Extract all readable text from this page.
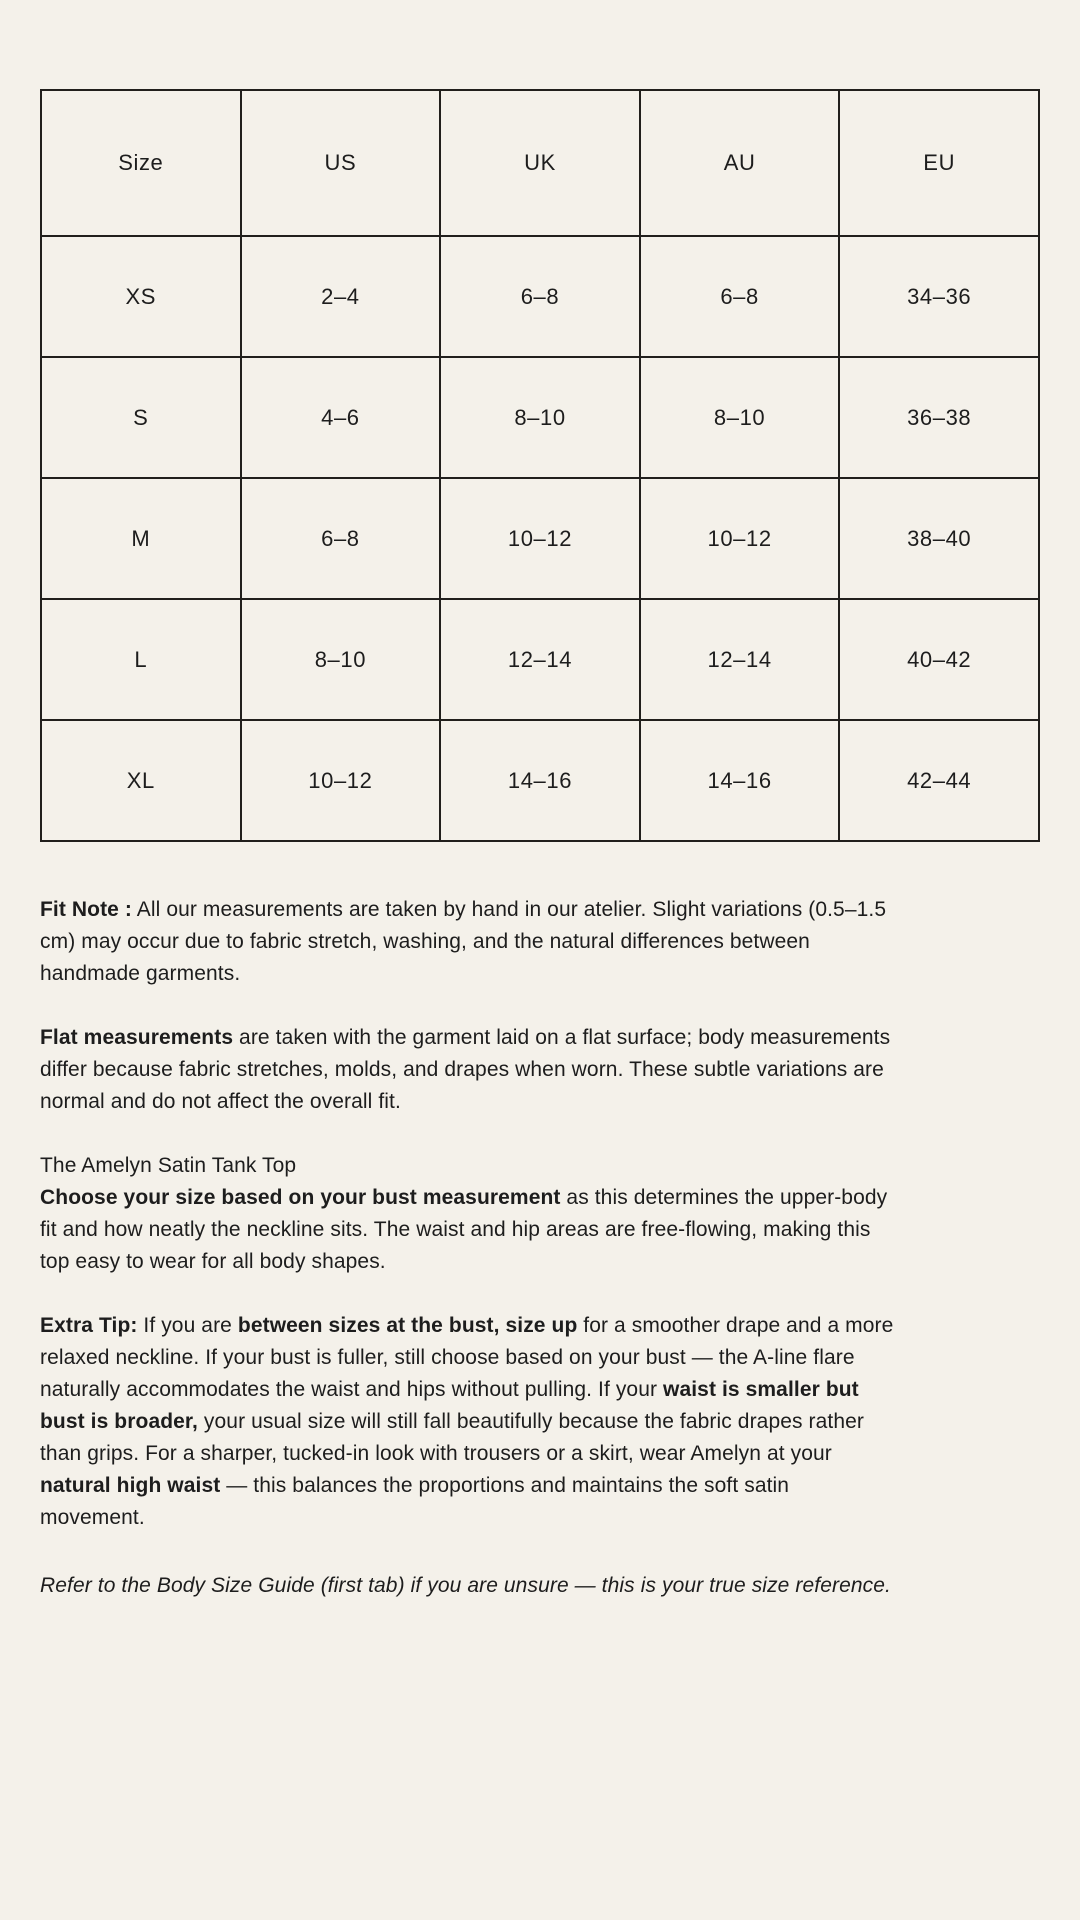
Size	US	UK	AU	EU
XS	2–4	6–8	6–8	34–36
S	4–6	8–10	8–10	36–38
M	6–8	10–12	10–12	38–40
L	8–10	12–14	12–14	40–42
XL	10–12	14–16	14–16	42–44

Fit Note : All our measurements are taken by hand in our atelier. Slight variations (0.5–1.5
cm) may occur due to fabric stretch, washing, and the natural differences between
handmade garments.

Flat measurements are taken with the garment laid on a flat surface; body measurements
differ because fabric stretches, molds, and drapes when worn. These subtle variations are
normal and do not affect the overall fit.

The Amelyn Satin Tank Top
Choose your size based on your bust measurement as this determines the upper-body
fit and how neatly the neckline sits. The waist and hip areas are free-flowing, making this
top easy to wear for all body shapes.

Extra Tip: If you are between sizes at the bust, size up for a smoother drape and a more
relaxed neckline. If your bust is fuller, still choose based on your bust — the A-line flare
naturally accommodates the waist and hips without pulling. If your waist is smaller but
bust is broader, your usual size will still fall beautifully because the fabric drapes rather
than grips. For a sharper, tucked-in look with trousers or a skirt, wear Amelyn at your
natural high waist — this balances the proportions and maintains the soft satin
movement.

Refer to the Body Size Guide (first tab) if you are unsure — this is your true size reference.
